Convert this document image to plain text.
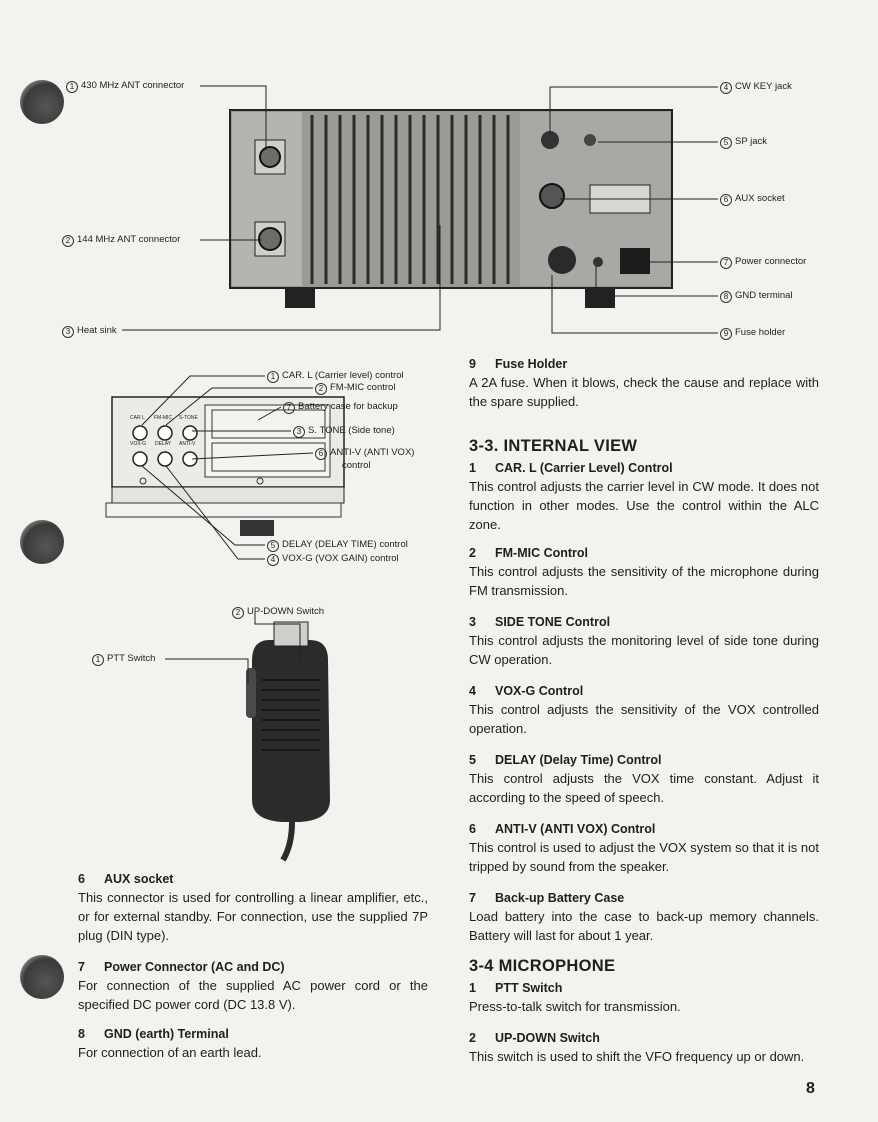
1 430 MHz ANT connector
2 144 MHz ANT connector
3 Heat sink
4 CW KEY jack
5 SP jack
6 AUX socket
7 Power connector
8 GND terminal
9 Fuse holder
1 CAR. L (Carrier level) control
2 FM-MIC control
7 Battery case for backup
3 S. TONE (Side tone)
6 ANTI-V (ANTI VOX)
control
5 DELAY (DELAY TIME) control
4 VOX-G (VOX GAIN) control
CAR L FM-MIC S-TONE
VOX-G DELAY ANTI-V
2 UP-DOWN Switch
1 PTT Switch
6 AUX socket

This connector is used for controlling a linear amplifier, etc., or for external standby. For connection, use the supplied 7P plug (DIN type).

7 Power Connector (AC and DC)

For connection of the supplied AC power cord or the specified DC power cord (DC 13.8 V).

8 GND (earth) Terminal

For connection of an earth lead.

9 Fuse Holder

A 2A fuse. When it blows, check the cause and replace with the spare supplied.

3-3. INTERNAL VIEW
1 CAR. L (Carrier Level) Control

This control adjusts the carrier level in CW mode. It does not function in other modes. Use the control within the ALC zone.

2 FM-MIC Control

This control adjusts the sensitivity of the microphone during FM transmission.

3 SIDE TONE Control

This control adjusts the monitoring level of side tone during CW operation.

4 VOX-G Control

This control adjusts the sensitivity of the VOX controlled operation.

5 DELAY (Delay Time) Control

This control adjusts the VOX time constant. Adjust it according to the speed of speech.

6 ANTI-V (ANTI VOX) Control

This control is used to adjust the VOX system so that it is not tripped by sound from the speaker.

7 Back-up Battery Case

Load battery into the case to back-up memory channels. Battery will last for about 1 year.

3-4 MICROPHONE
1 PTT Switch

Press-to-talk switch for transmission.

2 UP-DOWN Switch

This switch is used to shift the VFO frequency up or down.

8
